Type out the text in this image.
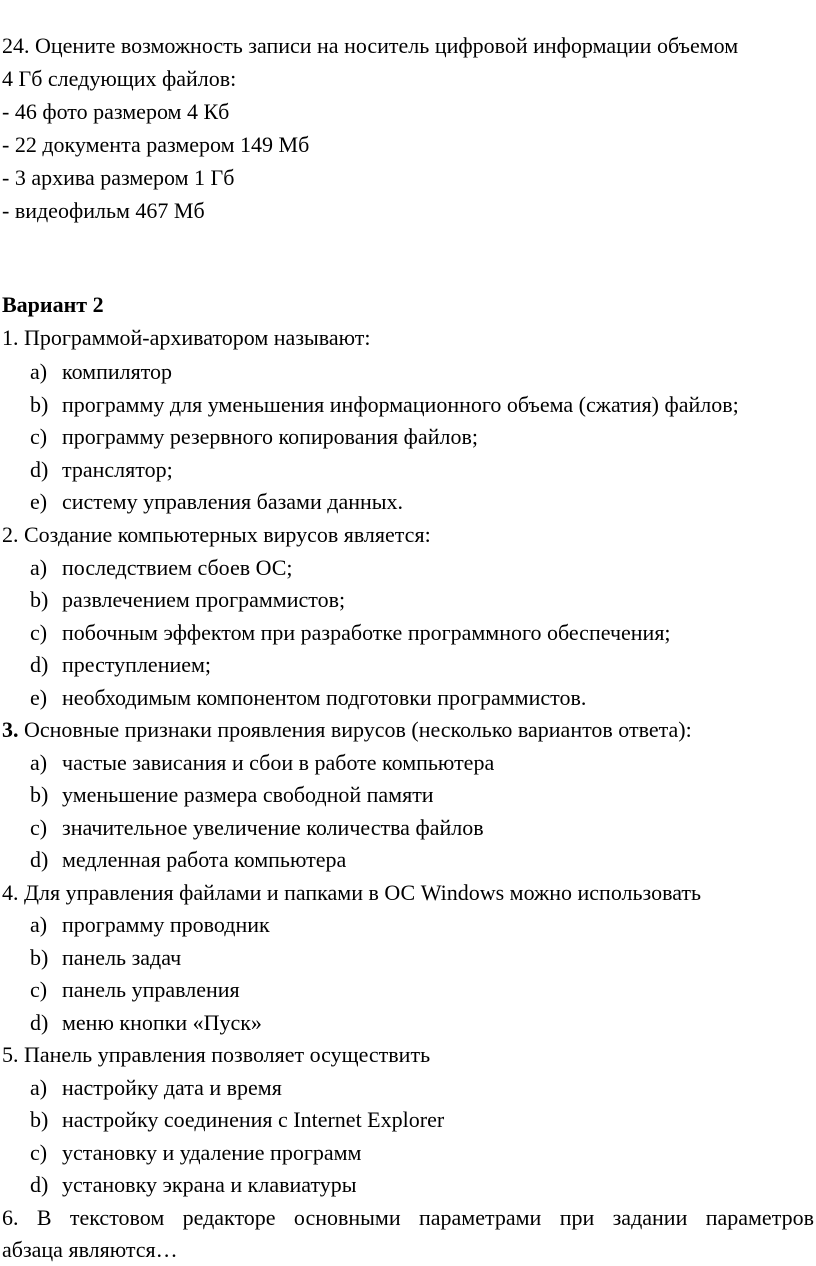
24. Оцените возможность записи на носитель цифровой информации объемом
4 Гб следующих файлов:
- 46 фото размером 4 Кб
- 22 документа размером 149 Мб
- 3 архива размером 1 Гб
- видеофильм 467 Мб
Вариант 2
1. Программой-архиватором называют:
a) компилятор
b) программу для уменьшения информационного объема (сжатия) файлов;
c) программу резервного копирования файлов;
d) транслятор;
e) систему управления базами данных.
2. Создание компьютерных вирусов является:
a) последствием сбоев ОС;
b) развлечением программистов;
c) побочным эффектом при разработке программного обеспечения;
d) преступлением;
e) необходимым компонентом подготовки программистов.
3. Основные признаки проявления вирусов (несколько вариантов ответа):
a) частые зависания и сбои в работе компьютера
b) уменьшение размера свободной памяти
c) значительное увеличение количества файлов
d) медленная работа компьютера
4. Для управления файлами и папками в ОС Windows можно использовать
a) программу проводник
b) панель задач
c) панель управления
d) меню кнопки «Пуск»
5. Панель управления позволяет осуществить
a) настройку дата и время
b) настройку соединения с Internet Explorer
c) установку и удаление программ
d) установку экрана и клавиатуры
6. В текстовом редакторе основными параметрами при задании параметров
абзаца являются…
